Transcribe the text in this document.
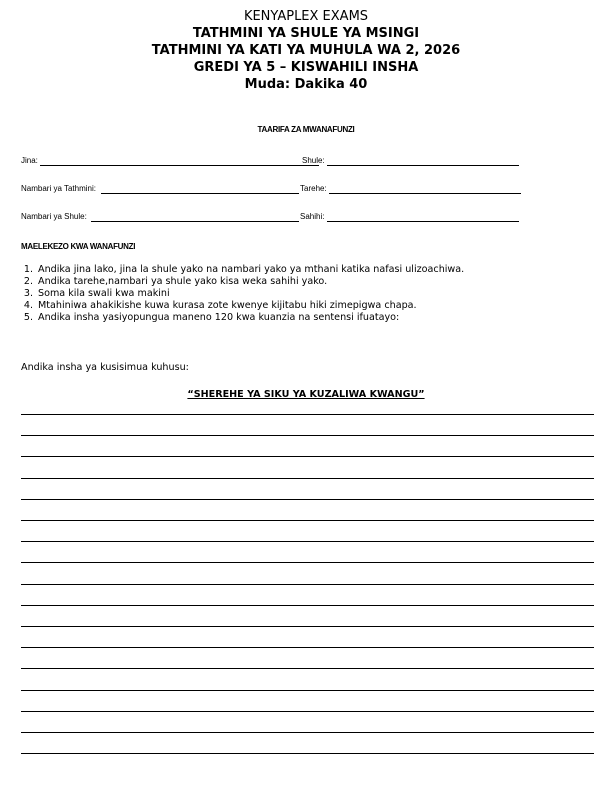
KENYAPLEX EXAMS
TATHMINI YA SHULE YA MSINGI
TATHMINI YA KATI YA MUHULA WA 2, 2026
GREDI YA 5 – KISWAHILI INSHA
Muda: Dakika 40
TAARIFA ZA MWANAFUNZI
Jina:	Shule:
Nambari ya Tathmini:	Tarehe:
Nambari ya Shule:	Sahihi:
MAELEKEZO KWA WANAFUNZI
1. Andika jina lako, jina la shule yako na nambari yako ya mthani katika nafasi ulizoachiwa.
2. Andika tarehe,nambari ya shule yako kisa weka sahihi yako.
3. Soma kila swali kwa makini
4. Mtahiniwa ahakikishe kuwa kurasa zote kwenye kijitabu hiki zimepigwa chapa.
5. Andika insha yasiyopungua maneno 120 kwa kuanzia na sentensi ifuatayo:
Andika insha ya kusisimua kuhusu:
“SHEREHE YA SIKU YA KUZALIWA KWANGU”
